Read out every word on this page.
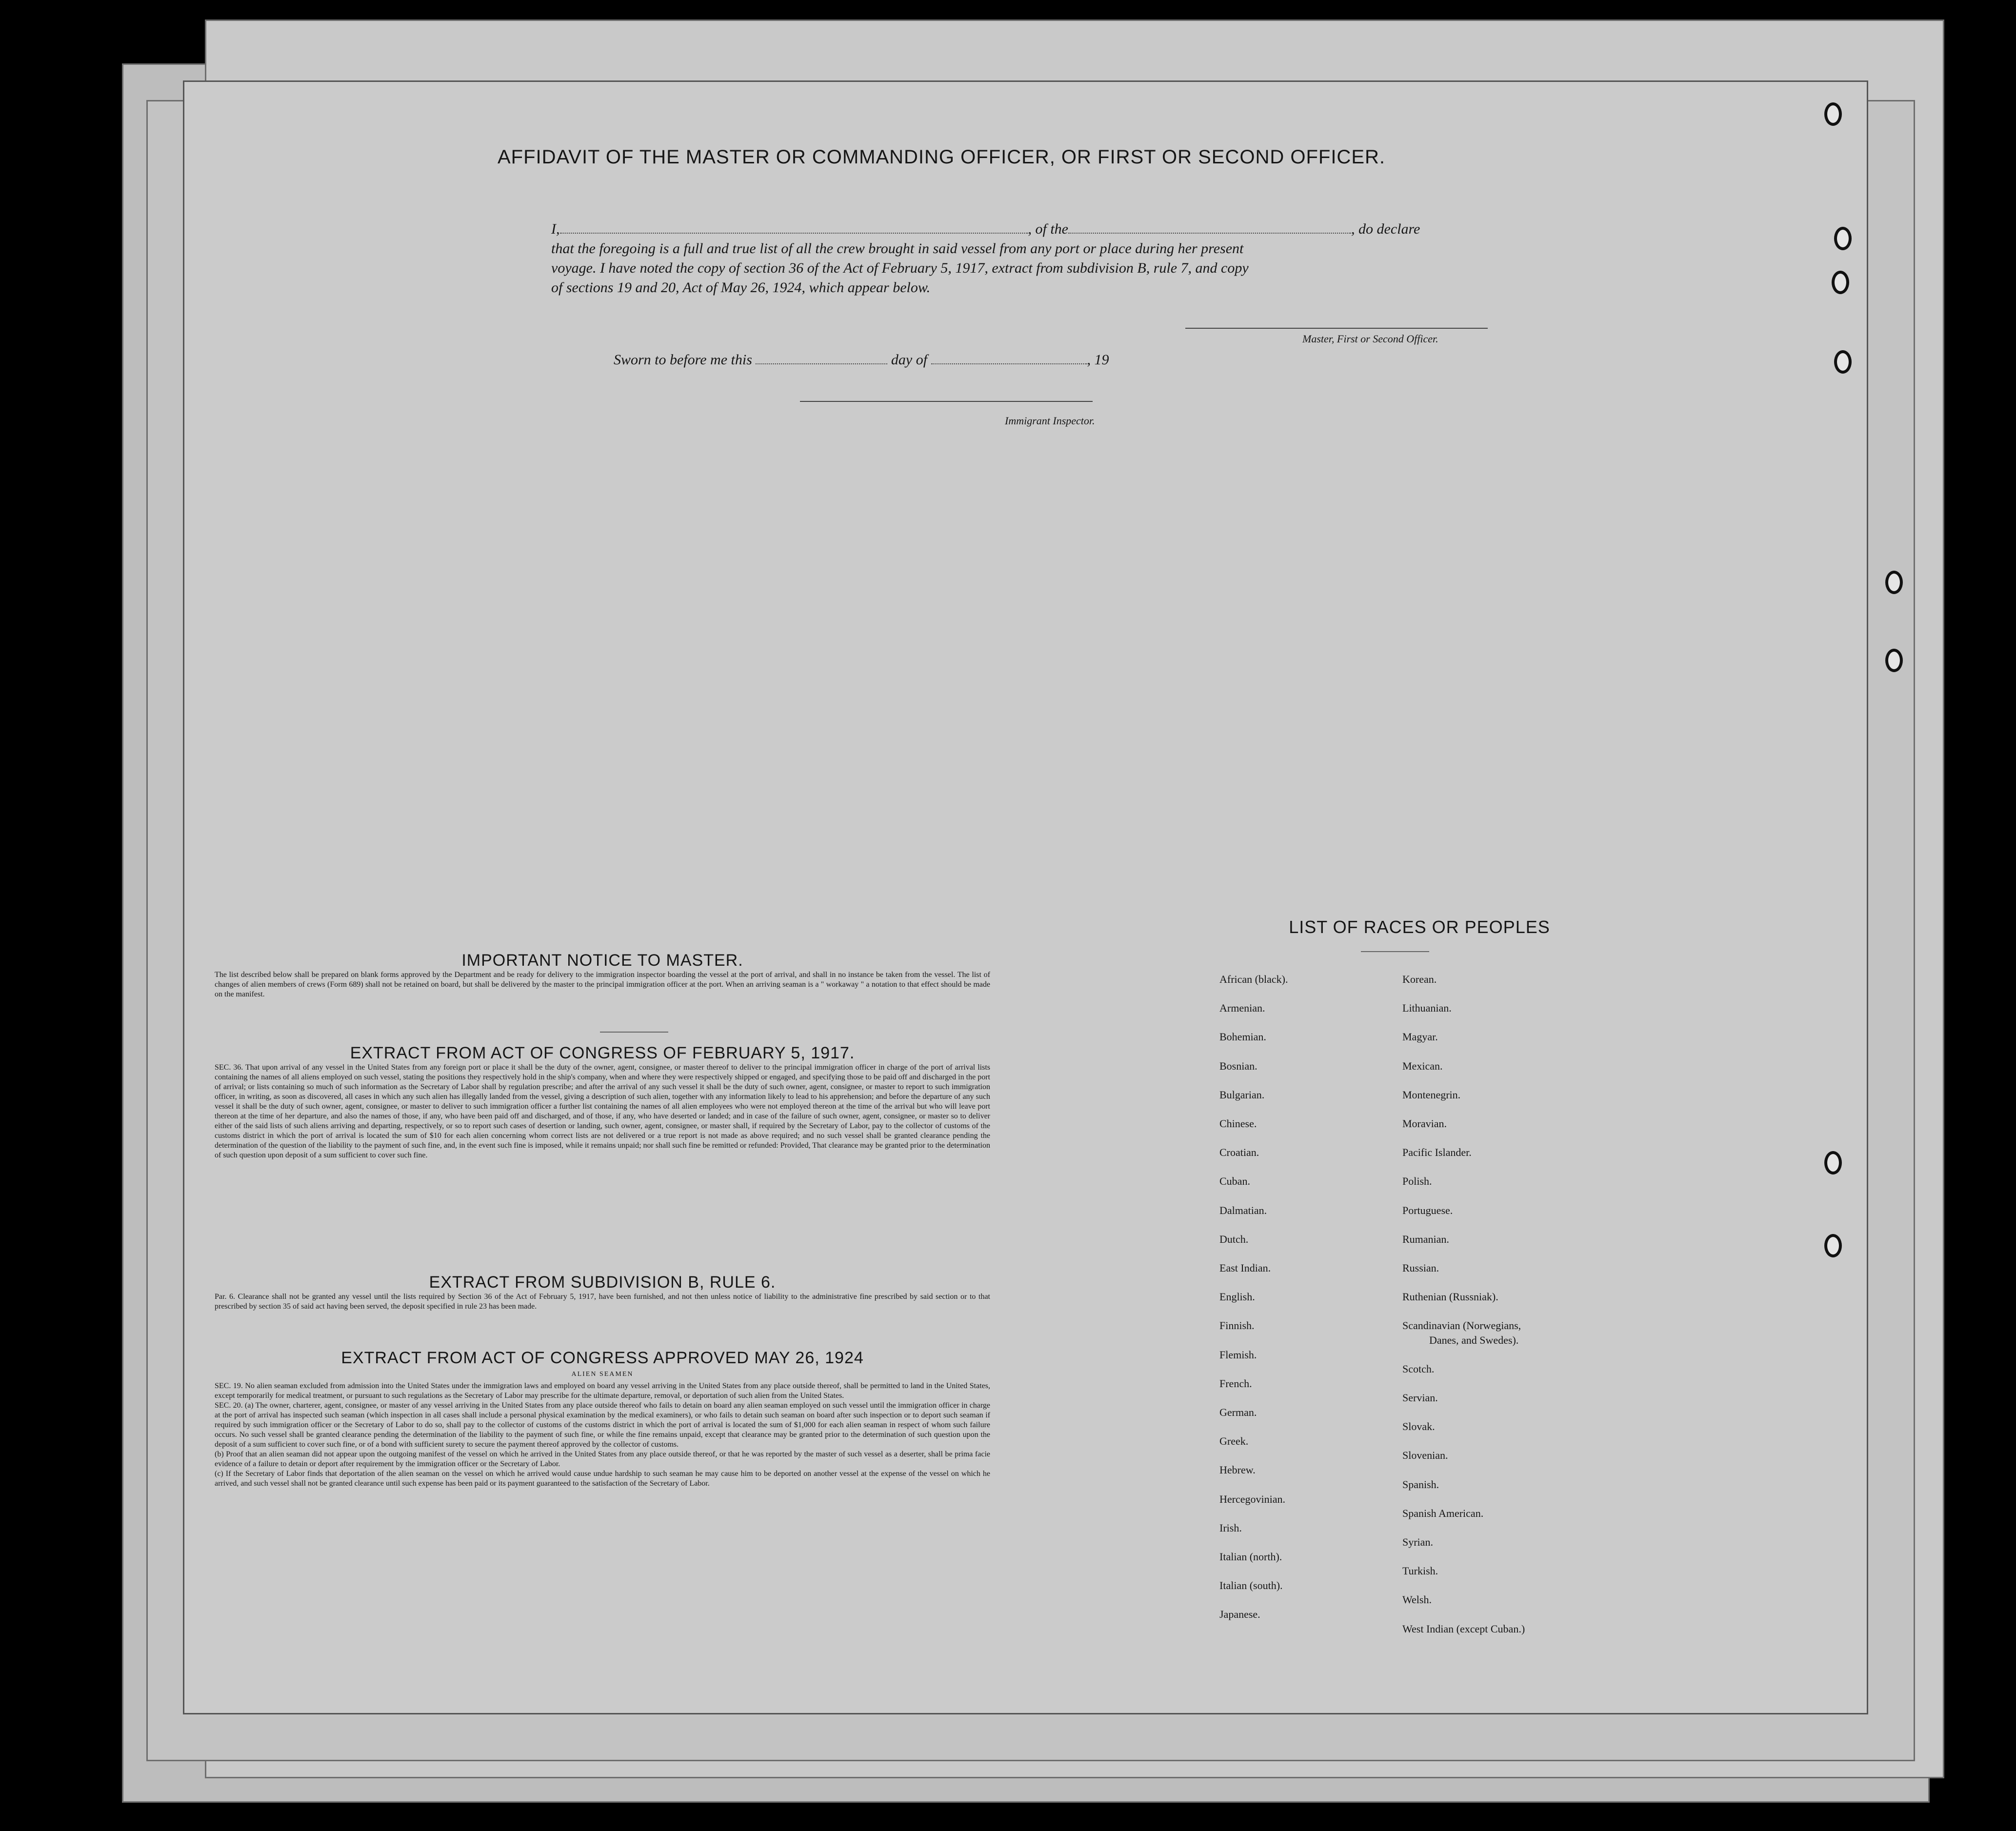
AFFIDAVIT OF THE MASTER OR COMMANDING OFFICER, OR FIRST OR SECOND OFFICER.
I,	, of the	, do declare
that the foregoing is a full and true list of all the crew brought in said vessel from any port or place during her present
voyage. I have noted the copy of section 36 of the Act of February 5, 1917, extract from subdivision B, rule 7, and copy
of sections 19 and 20, Act of May 26, 1924, which appear below.
Master, First or Second Officer.
Sworn to before me this	day of	, 19
Immigrant Inspector.
IMPORTANT NOTICE TO MASTER.

The list described below shall be prepared on blank forms approved by the Department and be ready for delivery to the immigration inspector boarding the vessel at the port of arrival, and shall in no instance be taken from the vessel. The list of changes of alien members of crews (Form 689) shall not be retained on board, but shall be delivered by the master to the principal immigration officer at the port. When an arriving seaman is a " workaway " a notation to that effect should be made on the manifest.

EXTRACT FROM ACT OF CONGRESS OF FEBRUARY 5, 1917.

SEC. 36. That upon arrival of any vessel in the United States from any foreign port or place it shall be the duty of the owner, agent, consignee, or master thereof to deliver to the principal immigration officer in charge of the port of arrival lists containing the names of all aliens employed on such vessel, stating the positions they respectively hold in the ship's company, when and where they were respectively shipped or engaged, and specifying those to be paid off and discharged in the port of arrival; or lists containing so much of such information as the Secretary of Labor shall by regulation prescribe; and after the arrival of any such vessel it shall be the duty of such owner, agent, consignee, or master to report to such immigration officer, in writing, as soon as discovered, all cases in which any such alien has illegally landed from the vessel, giving a description of such alien, together with any information likely to lead to his apprehension; and before the departure of any such vessel it shall be the duty of such owner, agent, consignee, or master to deliver to such immigration officer a further list containing the names of all alien employees who were not employed thereon at the time of the arrival but who will leave port thereon at the time of her departure, and also the names of those, if any, who have been paid off and discharged, and of those, if any, who have deserted or landed; and in case of the failure of such owner, agent, consignee, or master so to deliver either of the said lists of such aliens arriving and departing, respectively, or so to report such cases of desertion or landing, such owner, agent, consignee, or master shall, if required by the Secretary of Labor, pay to the collector of customs of the customs district in which the port of arrival is located the sum of $10 for each alien concerning whom correct lists are not delivered or a true report is not made as above required; and no such vessel shall be granted clearance pending the determination of the question of the liability to the payment of such fine, and, in the event such fine is imposed, while it remains unpaid; nor shall such fine be remitted or refunded: Provided, That clearance may be granted prior to the determination of such question upon deposit of a sum sufficient to cover such fine.

EXTRACT FROM SUBDIVISION B, RULE 6.

Par. 6. Clearance shall not be granted any vessel until the lists required by Section 36 of the Act of February 5, 1917, have been furnished, and not then unless notice of liability to the administrative fine prescribed by said section or to that prescribed by section 35 of said act having been served, the deposit specified in rule 23 has been made.

EXTRACT FROM ACT OF CONGRESS APPROVED MAY 26, 1924
ALIEN SEAMEN

SEC. 19. No alien seaman excluded from admission into the United States under the immigration laws and employed on board any vessel arriving in the United States from any place outside thereof, shall be permitted to land in the United States, except temporarily for medical treatment, or pursuant to such regulations as the Secretary of Labor may prescribe for the ultimate departure, removal, or deportation of such alien from the United States.

SEC. 20. (a) The owner, charterer, agent, consignee, or master of any vessel arriving in the United States from any place outside thereof who fails to detain on board any alien seaman employed on such vessel until the immigration officer in charge at the port of arrival has inspected such seaman (which inspection in all cases shall include a personal physical examination by the medical examiners), or who fails to detain such seaman on board after such inspection or to deport such seaman if required by such immigration officer or the Secretary of Labor to do so, shall pay to the collector of customs of the customs district in which the port of arrival is located the sum of $1,000 for each alien seaman in respect of whom such failure occurs. No such vessel shall be granted clearance pending the determination of the liability to the payment of such fine, or while the fine remains unpaid, except that clearance may be granted prior to the determination of such question upon the deposit of a sum sufficient to cover such fine, or of a bond with sufficient surety to secure the payment thereof approved by the collector of customs.

(b) Proof that an alien seaman did not appear upon the outgoing manifest of the vessel on which he arrived in the United States from any place outside thereof, or that he was reported by the master of such vessel as a deserter, shall be prima facie evidence of a failure to detain or deport after requirement by the immigration officer or the Secretary of Labor.

(c) If the Secretary of Labor finds that deportation of the alien seaman on the vessel on which he arrived would cause undue hardship to such seaman he may cause him to be deported on another vessel at the expense of the vessel on which he arrived, and such vessel shall not be granted clearance until such expense has been paid or its payment guaranteed to the satisfaction of the Secretary of Labor.

LIST OF RACES OR PEOPLES
African (black).
Armenian.
Bohemian.
Bosnian.
Bulgarian.
Chinese.
Croatian.
Cuban.
Dalmatian.
Dutch.
East Indian.
English.
Finnish.
Flemish.
French.
German.
Greek.
Hebrew.
Hercegovinian.
Irish.
Italian (north).
Italian (south).
Japanese.
Korean.
Lithuanian.
Magyar.
Mexican.
Montenegrin.
Moravian.
Pacific Islander.
Polish.
Portuguese.
Rumanian.
Russian.
Ruthenian (Russniak).
Scandinavian (Norwegians,
Danes, and Swedes).
Scotch.
Servian.
Slovak.
Slovenian.
Spanish.
Spanish American.
Syrian.
Turkish.
Welsh.
West Indian (except Cuban.)
